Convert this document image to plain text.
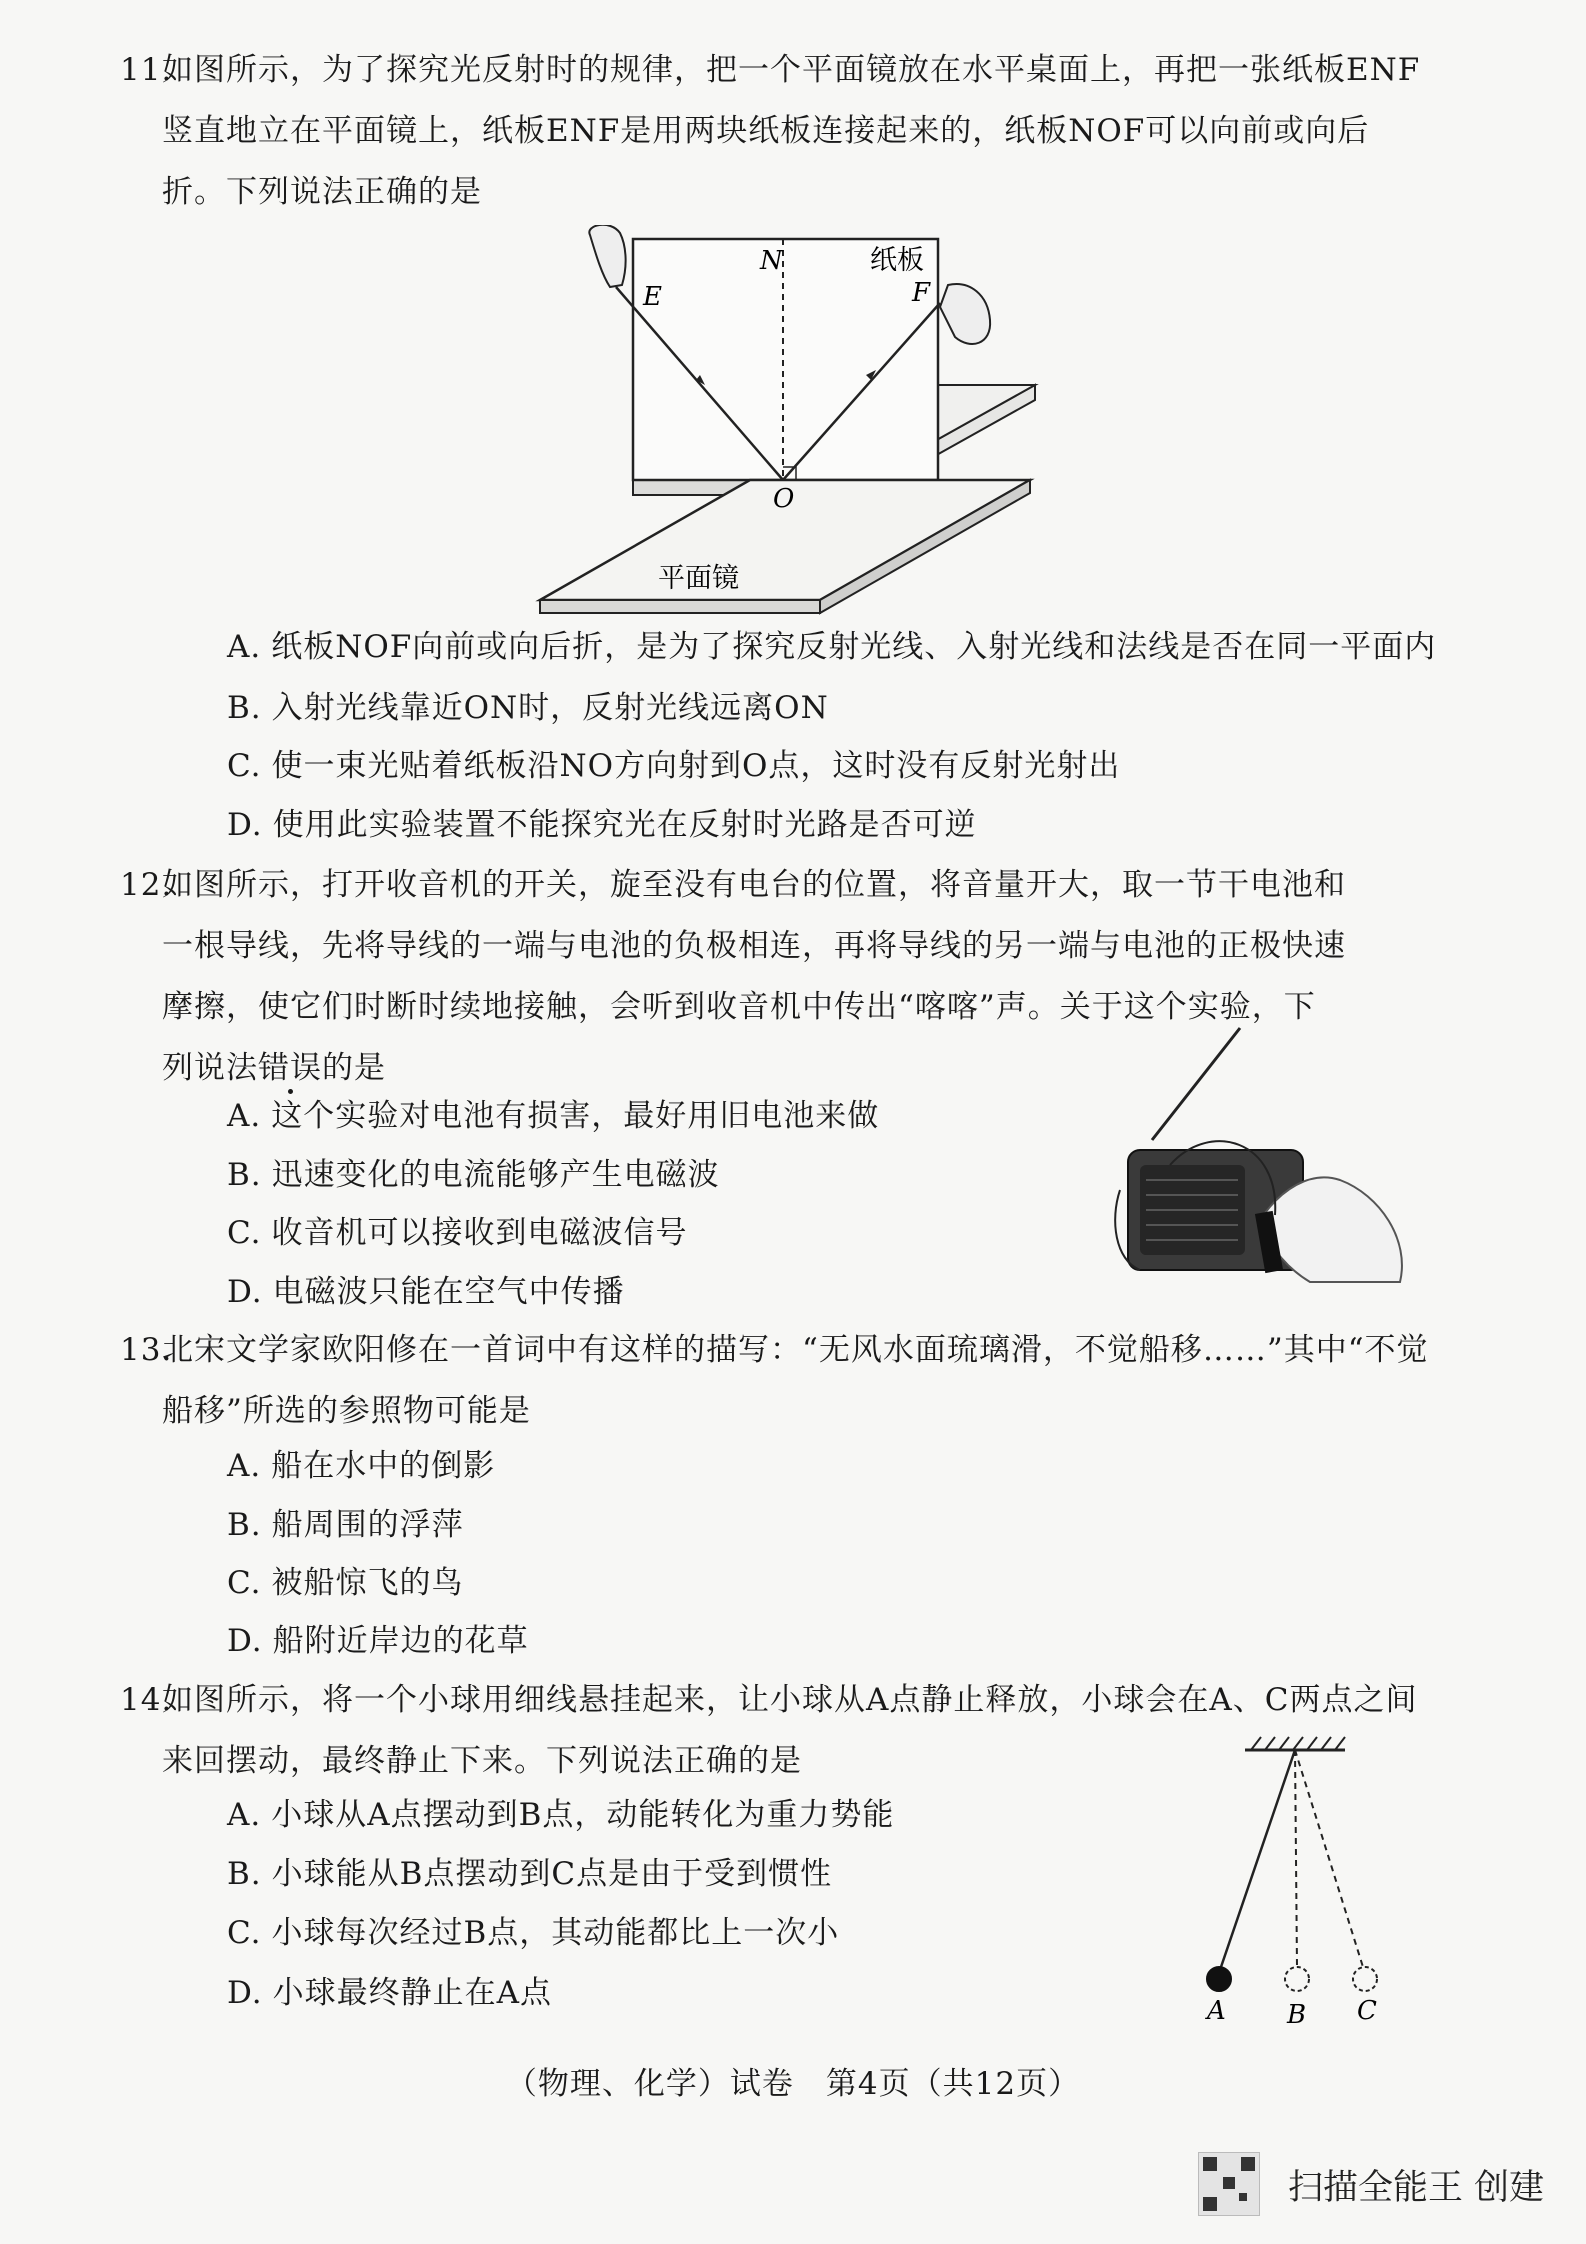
11.
如图所示，为了探究光反射时的规律，把一个平面镜放在水平桌面上，再把一张纸板ENF竖直地立在平面镜上，纸板ENF是用两块纸板连接起来的，纸板NOF可以向前或向后折。下列说法正确的是
N	纸板
E	F
O
平面镜
A. 纸板NOF向前或向后折，是为了探究反射光线、入射光线和法线是否在同一平面内
B. 入射光线靠近ON时，反射光线远离ON
C. 使一束光贴着纸板沿NO方向射到O点，这时没有反射光射出
D. 使用此实验装置不能探究光在反射时光路是否可逆
12.
如图所示，打开收音机的开关，旋至没有电台的位置，将音量开大，取一节干电池和
一根导线，先将导线的一端与电池的负极相连，再将导线的另一端与电池的正极快速
摩擦，使它们时断时续地接触，会听到收音机中传出“喀喀”声。关于这个实验，下
列说法错误的是
A. 这个实验对电池有损害，最好用旧电池来做
B. 迅速变化的电流能够产生电磁波
C. 收音机可以接收到电磁波信号
D. 电磁波只能在空气中传播
13.
北宋文学家欧阳修在一首词中有这样的描写：“无风水面琉璃滑，不觉船移……”其中“不觉船移”所选的参照物可能是
A. 船在水中的倒影
B. 船周围的浮萍
C. 被船惊飞的鸟
D. 船附近岸边的花草
14.
如图所示，将一个小球用细线悬挂起来，让小球从A点静止释放，小球会在A、C两点之间来回摆动，最终静止下来。下列说法正确的是
A B C
A. 小球从A点摆动到B点，动能转化为重力势能
B. 小球能从B点摆动到C点是由于受到惯性
C. 小球每次经过B点，其动能都比上一次小
D. 小球最终静止在A点
（物理、化学）试卷　第4页（共12页）
扫描全能王 创建
